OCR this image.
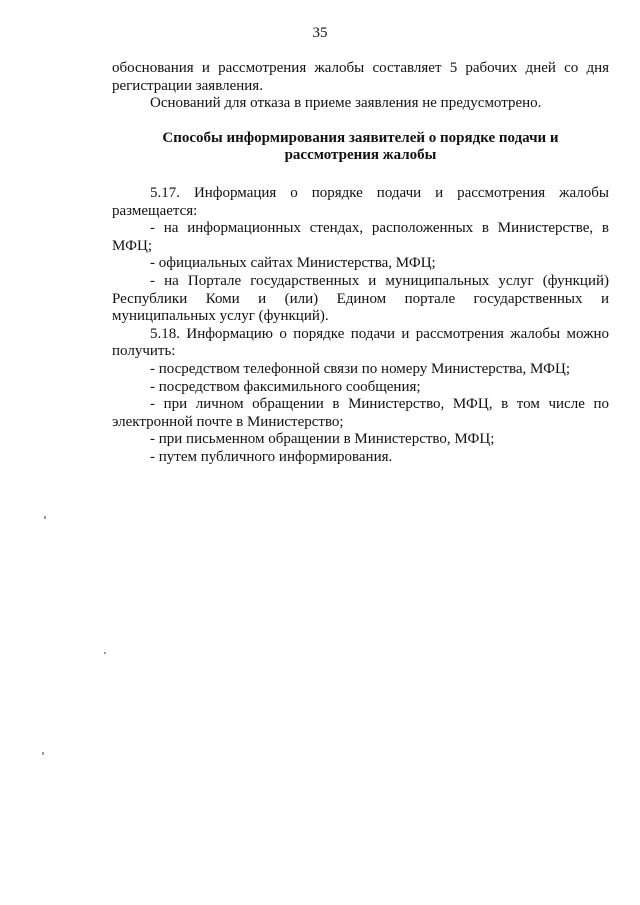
35

обоснования и рассмотрения жалобы составляет 5 рабочих дней со дня

регистрации заявления.

Оснований для отказа в приеме заявления не предусмотрено.

Способы информирования заявителей о порядке подачи и
рассмотрения жалобы

5.17. Информация о порядке подачи и рассмотрения жалобы

размещается:

- на информационных стендах, расположенных в Министерстве, в

МФЦ;

- официальных сайтах Министерства, МФЦ;

- на Портале государственных и муниципальных услуг (функций)

Республики Коми и (или) Едином портале государственных и

муниципальных услуг (функций).

5.18. Информацию о порядке подачи и рассмотрения жалобы можно

получить:

- посредством телефонной связи по номеру Министерства, МФЦ;

- посредством факсимильного сообщения;

- при личном обращении в Министерство, МФЦ, в том числе по

электронной почте в Министерство;

- при письменном обращении в Министерство, МФЦ;

- путем публичного информирования.
